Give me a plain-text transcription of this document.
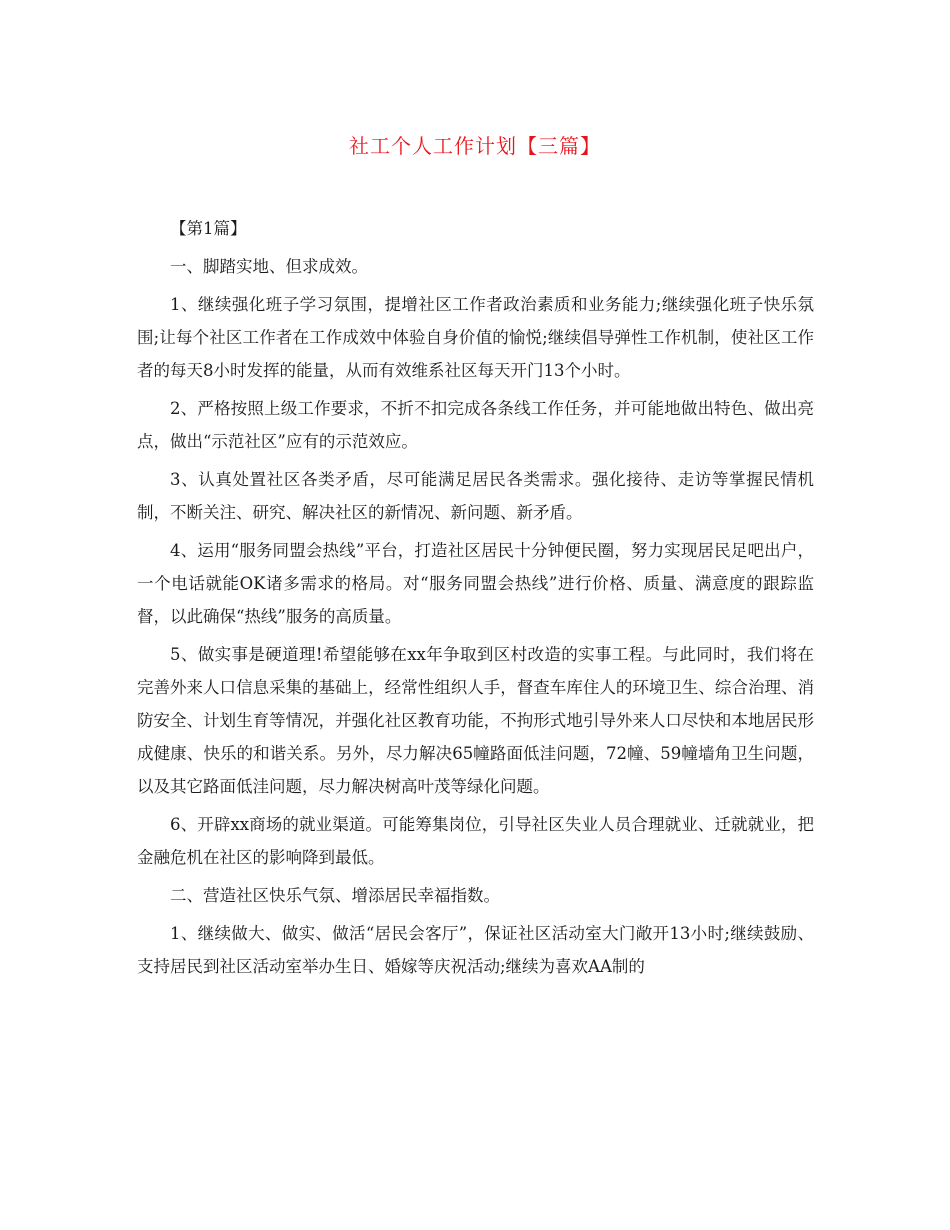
社工个人工作计划【三篇】

【第1篇】

一、脚踏实地、但求成效。

1、继续强化班子学习氛围，提增社区工作者政治素质和业务能力;继续强化班子快乐氛围;让每个社区工作者在工作成效中体验自身价值的愉悦;继续倡导弹性工作机制，使社区工作者的每天8小时发挥的能量，从而有效维系社区每天开门13个小时。

2、严格按照上级工作要求，不折不扣完成各条线工作任务，并可能地做出特色、做出亮点，做出“示范社区”应有的示范效应。

3、认真处置社区各类矛盾，尽可能满足居民各类需求。强化接待、走访等掌握民情机制，不断关注、研究、解决社区的新情况、新问题、新矛盾。

4、运用“服务同盟会热线”平台，打造社区居民十分钟便民圈，努力实现居民足吧出户，一个电话就能OK诸多需求的格局。对“服务同盟会热线”进行价格、质量、满意度的跟踪监督，以此确保“热线”服务的高质量。

5、做实事是硬道理!希望能够在xx年争取到区村改造的实事工程。与此同时，我们将在完善外来人口信息采集的基础上，经常性组织人手，督查车库住人的环境卫生、综合治理、消防安全、计划生育等情况，并强化社区教育功能，不拘形式地引导外来人口尽快和本地居民形成健康、快乐的和谐关系。另外，尽力解决65幢路面低洼问题，72幢、59幢墙角卫生问题，以及其它路面低洼问题，尽力解决树高叶茂等绿化问题。

6、开辟xx商场的就业渠道。可能筹集岗位，引导社区失业人员合理就业、迁就就业，把金融危机在社区的影响降到最低。

二、营造社区快乐气氛、增添居民幸福指数。

1、继续做大、做实、做活“居民会客厅”，保证社区活动室大门敞开13小时;继续鼓励、支持居民到社区活动室举办生日、婚嫁等庆祝活动;继续为喜欢AA制的
